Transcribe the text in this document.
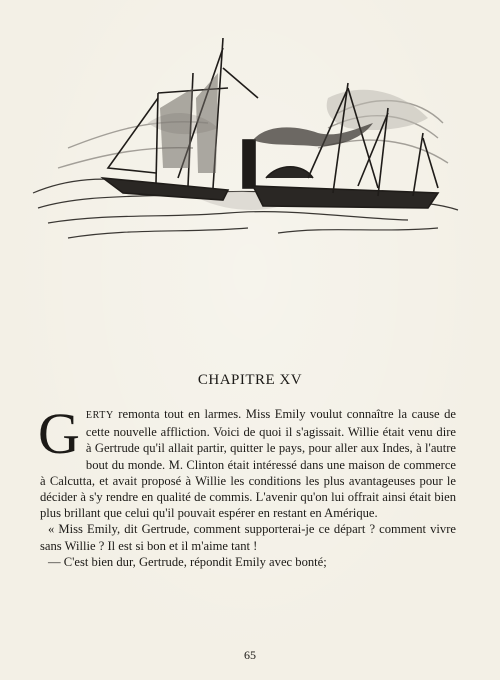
CHAPITRE XV

GERTY remonta tout en larmes. Miss Emily voulut connaître la cause de cette nouvelle affliction. Voici de quoi il s'agissait. Willie était venu dire à Gertrude qu'il allait partir, quitter le pays, pour aller aux Indes, à l'autre bout du monde. M. Clinton était intéressé dans une maison de commerce à Calcutta, et avait proposé à Willie les conditions les plus avantageuses pour le décider à s'y rendre en qualité de commis. L'avenir qu'on lui offrait ainsi était bien plus brillant que celui qu'il pouvait espérer en restant en Amérique.

« Miss Emily, dit Gertrude, comment supporterai-je ce départ ? comment vivre sans Willie ? Il est si bon et il m'aime tant !

— C'est bien dur, Gertrude, répondit Emily avec bonté;

65
